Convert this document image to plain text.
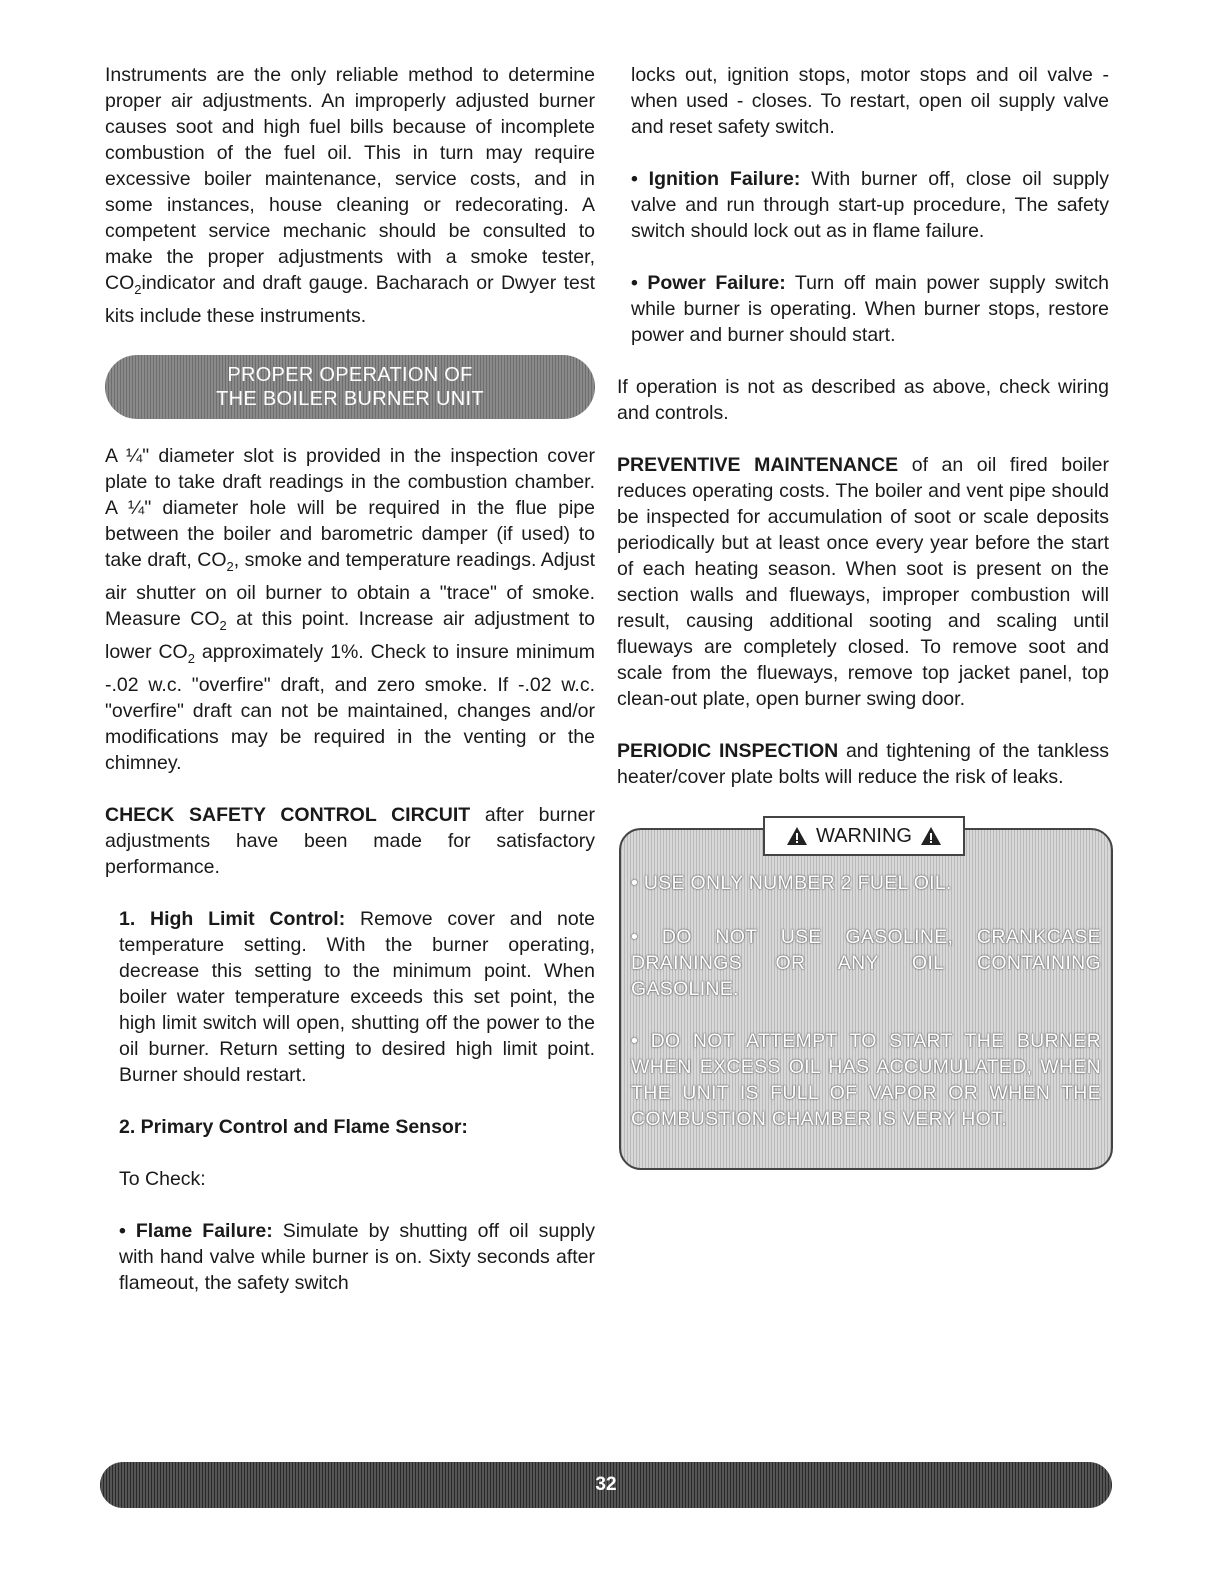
Instruments are the only reliable method to determine proper air adjustments. An improperly adjusted burner causes soot and high fuel bills because of incomplete combustion of the fuel oil. This in turn may require excessive boiler maintenance, service costs, and in some instances, house cleaning or redecorating. A competent service mechanic should be consulted to make the proper adjustments with a smoke tester, $CO_2indicator$ and draft gauge. Bacharach or Dwyer test kits include these instruments.

PROPER OPERATION OF
THE BOILER BURNER UNIT

A ¼" diameter slot is provided in the inspection cover plate to take draft readings in the combustion chamber. A ¼" diameter hole will be required in the flue pipe between the boiler and barometric damper (if used) to take draft, $CO_2$, smoke and temperature readings. Adjust air shutter on oil burner to obtain a "trace" of smoke. Measure $CO_2$ at this point. Increase air adjustment to lower $CO_2$ approximately 1%. Check to insure minimum -.02 w.c. "overfire" draft, and zero smoke. If -.02 w.c. "overfire" draft can not be maintained, changes and/or modifications may be required in the venting or the chimney.

CHECK SAFETY CONTROL CIRCUIT after burner adjustments have been made for satisfactory performance.

1. High Limit Control: Remove cover and note temperature setting. With the burner operating, decrease this setting to the minimum point. When boiler water temperature exceeds this set point, the high limit switch will open, shutting off the power to the oil burner. Return setting to desired high limit point. Burner should restart.

2. Primary Control and Flame Sensor:

To Check:

• Flame Failure: Simulate by shutting off oil supply with hand valve while burner is on. Sixty seconds after flameout, the safety switch

locks out, ignition stops, motor stops and oil valve - when used - closes. To restart, open oil supply valve and reset safety switch.

• Ignition Failure: With burner off, close oil supply valve and run through start-up procedure, The safety switch should lock out as in flame failure.

• Power Failure: Turn off main power supply switch while burner is operating. When burner stops, restore power and burner should start.

If operation is not as described as above, check wiring and controls.

PREVENTIVE MAINTENANCE of an oil fired boiler reduces operating costs. The boiler and vent pipe should be inspected for accumulation of soot or scale deposits periodically but at least once every year before the start of each heating season. When soot is present on the section walls and flueways, improper combustion will result, causing additional sooting and scaling until flueways are completely closed. To remove soot and scale from the flueways, remove top jacket panel, top clean-out plate, open burner swing door.

PERIODIC INSPECTION and tightening of the tankless heater/cover plate bolts will reduce the risk of leaks.

WARNING
• USE ONLY NUMBER 2 FUEL OIL.
• DO NOT USE GASOLINE, CRANKCASE DRAININGS OR ANY OIL CONTAINING GASOLINE.
• DO NOT ATTEMPT TO START THE BURNER WHEN EXCESS OIL HAS ACCUMULATED, WHEN THE UNIT IS FULL OF VAPOR OR WHEN THE COMBUSTION CHAMBER IS VERY HOT.
32
